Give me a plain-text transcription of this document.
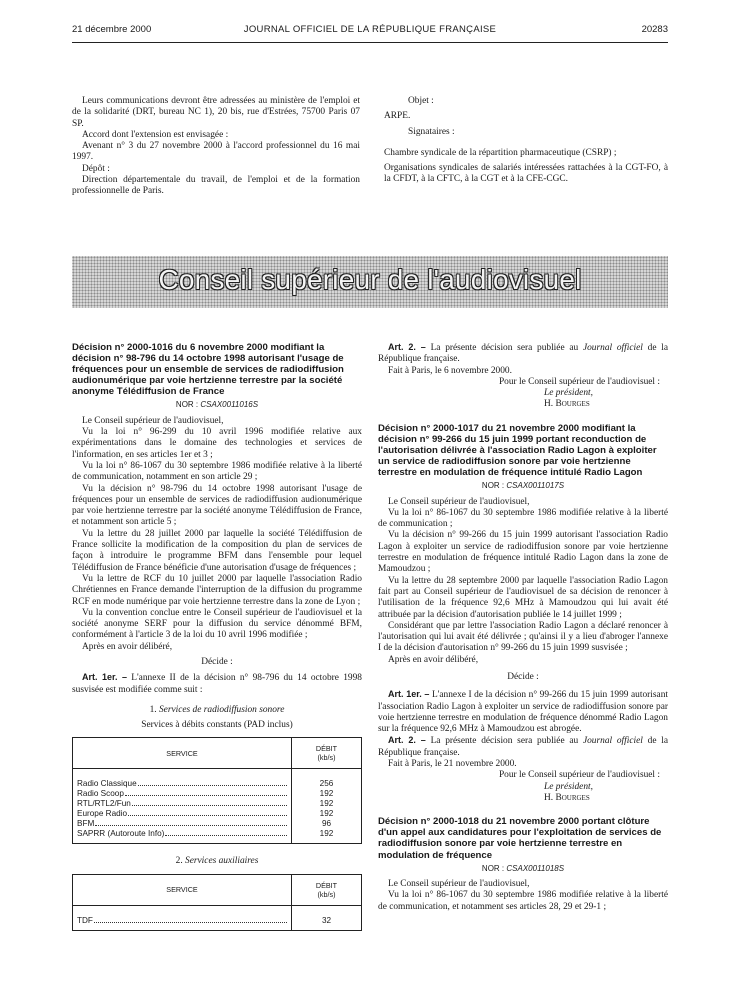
21 décembre 2000	JOURNAL OFFICIEL DE LA RÉPUBLIQUE FRANÇAISE	20283

Leurs communications devront être adressées au ministère de l'emploi et de la solidarité (DRT, bureau NC 1), 20 bis, rue d'Estrées, 75700 Paris 07 SP.

Accord dont l'extension est envisagée :

Avenant n° 3 du 27 novembre 2000 à l'accord professionnel du 16 mai 1997.

Dépôt :

Direction départementale du travail, de l'emploi et de la formation professionnelle de Paris.

Objet :

ARPE.

Signataires :

Chambre syndicale de la répartition pharmaceutique (CSRP) ;

Organisations syndicales de salariés intéressées rattachées à la CGT-FO, à la CFDT, à la CFTC, à la CGT et à la CFE-CGC.

Conseil supérieur de l'audiovisuel

Décision n° 2000-1016 du 6 novembre 2000 modifiant la décision n° 98-796 du 14 octobre 1998 autorisant l'usage de fréquences pour un ensemble de services de radiodiffusion audionumérique par voie hertzienne terrestre par la société anonyme Télédiffusion de France

NOR : CSAX0011016S

Le Conseil supérieur de l'audiovisuel,

Vu la loi n° 96-299 du 10 avril 1996 modifiée relative aux expérimentations dans le domaine des technologies et services de l'information, en ses articles 1er et 3 ;

Vu la loi n° 86-1067 du 30 septembre 1986 modifiée relative à la liberté de communication, notamment en son article 29 ;

Vu la décision n° 98-796 du 14 octobre 1998 autorisant l'usage de fréquences pour un ensemble de services de radiodiffusion audionumérique par voie hertzienne terrestre par la société anonyme Télédiffusion de France, et notamment son article 5 ;

Vu la lettre du 28 juillet 2000 par laquelle la société Télédiffusion de France sollicite la modification de la composition du plan de services de façon à introduire le programme BFM dans l'ensemble pour lequel Télédiffusion de France bénéficie d'une autorisation d'usage de fréquences ;

Vu la lettre de RCF du 10 juillet 2000 par laquelle l'association Radio Chrétiennes en France demande l'interruption de la diffusion du programme RCF en mode numérique par voie hertzienne terrestre dans la zone de Lyon ;

Vu la convention conclue entre le Conseil supérieur de l'audiovisuel et la société anonyme SERF pour la diffusion du service dénommé BFM, conformément à l'article 3 de la loi du 10 avril 1996 modifiée ;

Après en avoir délibéré,

Décide :

Art. 1er. – L'annexe II de la décision n° 98-796 du 14 octobre 1998 susvisée est modifiée comme suit :

1. Services de radiodiffusion sonore

Services à débits constants (PAD inclus)

SERVICE	DÉBIT
(kb/s)

Radio Classique	256

Radio Scoop	192

RTL/RTL2/Fun	192

Europe Radio	192

BFM	96

SAPRR (Autoroute Info)	192

2. Services auxiliaires

SERVICE	DÉBIT
(kb/s)

TDF	32

Art. 2. – La présente décision sera publiée au Journal officiel de la République française.

Fait à Paris, le 6 novembre 2000.

Pour le Conseil supérieur de l'audiovisuel :

Le président,

H. Bourges

Décision n° 2000-1017 du 21 novembre 2000 modifiant la décision n° 99-266 du 15 juin 1999 portant reconduction de l'autorisation délivrée à l'association Radio Lagon à exploiter un service de radiodiffusion sonore par voie hertzienne terrestre en modulation de fréquence intitulé Radio Lagon

NOR : CSAX0011017S

Le Conseil supérieur de l'audiovisuel,

Vu la loi n° 86-1067 du 30 septembre 1986 modifiée relative à la liberté de communication ;

Vu la décision n° 99-266 du 15 juin 1999 autorisant l'association Radio Lagon à exploiter un service de radiodiffusion sonore par voie hertzienne terrestre en modulation de fréquence intitulé Radio Lagon dans la zone de Mamoudzou ;

Vu la lettre du 28 septembre 2000 par laquelle l'association Radio Lagon fait part au Conseil supérieur de l'audiovisuel de sa décision de renoncer à l'utilisation de la fréquence 92,6 MHz à Mamoudzou qui lui avait été attribuée par la décision d'autorisation publiée le 14 juillet 1999 ;

Considérant que par lettre l'association Radio Lagon a déclaré renoncer à l'autorisation qui lui avait été délivrée ; qu'ainsi il y a lieu d'abroger l'annexe I de la décision d'autorisation n° 99-266 du 15 juin 1999 susvisée ;

Après en avoir délibéré,

Décide :

Art. 1er. – L'annexe I de la décision n° 99-266 du 15 juin 1999 autorisant l'association Radio Lagon à exploiter un service de radiodiffusion sonore par voie hertzienne terrestre en modulation de fréquence dénommé Radio Lagon sur la fréquence 92,6 MHz à Mamoudzou est abrogée.

Art. 2. – La présente décision sera publiée au Journal officiel de la République française.

Fait à Paris, le 21 novembre 2000.

Pour le Conseil supérieur de l'audiovisuel :

Le président,

H. Bourges

Décision n° 2000-1018 du 21 novembre 2000 portant clôture d'un appel aux candidatures pour l'exploitation de services de radiodiffusion sonore par voie hertzienne terrestre en modulation de fréquence

NOR : CSAX0011018S

Le Conseil supérieur de l'audiovisuel,

Vu la loi n° 86-1067 du 30 septembre 1986 modifiée relative à la liberté de communication, et notamment ses articles 28, 29 et 29-1 ;
